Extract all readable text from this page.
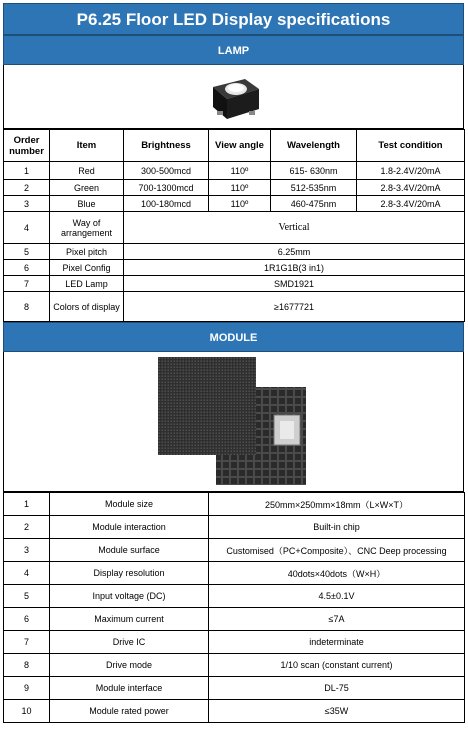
P6.25 Floor LED Display specifications
LAMP
Order number	Item	Brightness	View angle	Wavelength	Test condition
1	Red	300-500mcd	110º	615- 630nm	1.8-2.4V/20mA
2	Green	700-1300mcd	110º	512-535nm	2.8-3.4V/20mA
3	Blue	100-180mcd	110º	460-475nm	2.8-3.4V/20mA
4	Way of arrangement	Vertical			
5	Pixel pitch	6.25mm			
6	Pixel Config	1R1G1B(3 in1)			
7	LED Lamp	SMD1921			
8	Colors of display	≥1677721			
MODULE
1	Module size	250mm×250mm×18mm（L×W×T）
2	Module interaction	Built-in chip
3	Module surface	Customised（PC+Composite）、CNC Deep processing
4	Display resolution	40dots×40dots（W×H）
5	Input voltage (DC)	4.5±0.1V
6	Maximum current	≤7A
7	Drive IC	indeterminate
8	Drive mode	1/10 scan (constant current)
9	Module interface	DL-75
10	Module rated power	≤35W
